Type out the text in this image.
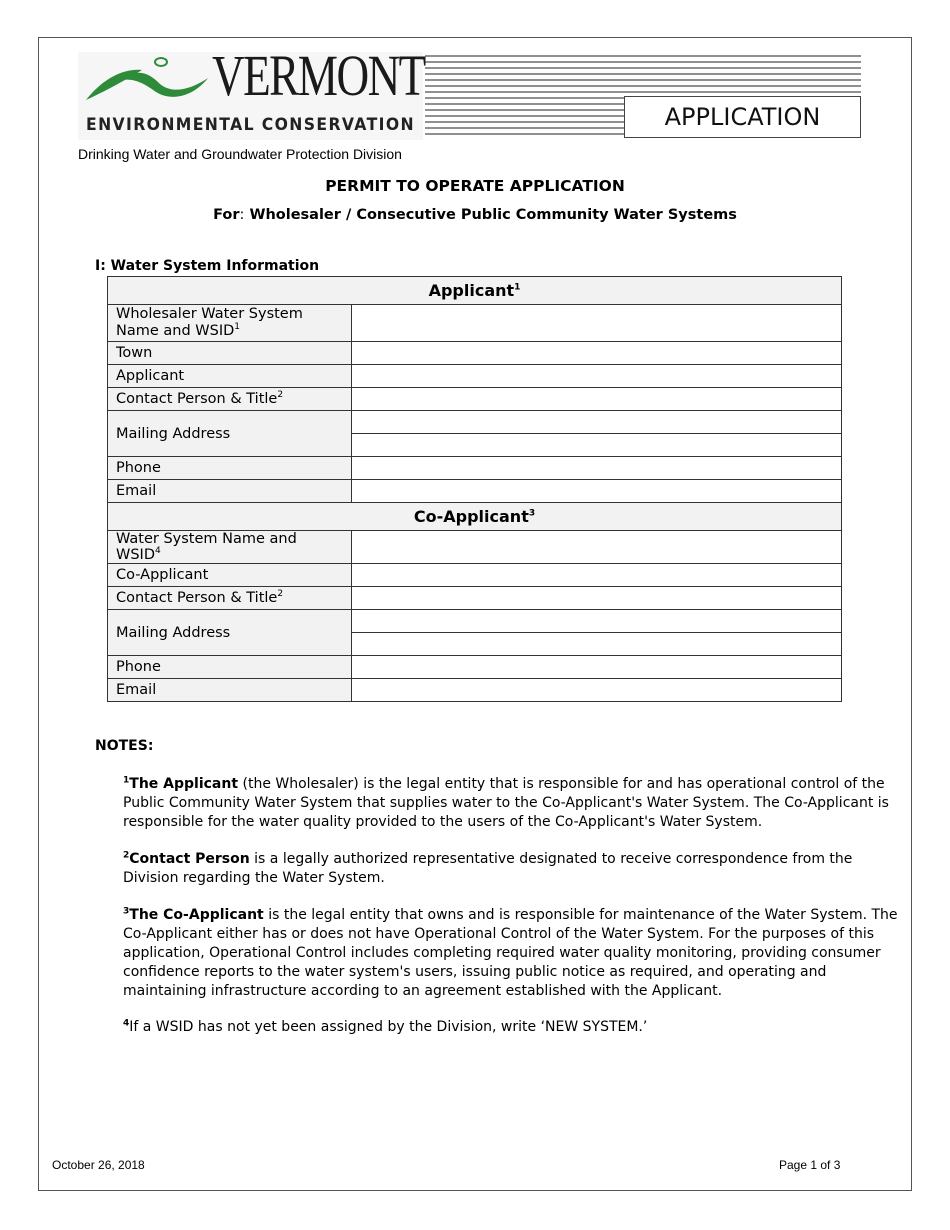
VERMONT
ENVIRONMENTAL CONSERVATION	APPLICATION
Drinking Water and Groundwater Protection Division
PERMIT TO OPERATE APPLICATION
For: Wholesaler / Consecutive Public Community Water Systems
I: Water System Information
Applicant$^1$
Wholesaler Water System Name and WSID$^1$	
Town	
Applicant	
Contact Person & Title$^2$	
Mailing Address	

Phone	
Email	
Co-Applicant$^3$
Water System Name and WSID$^4$	
Co-Applicant	
Contact Person & Title$^2$	
Mailing Address	

Phone	
Email	
NOTES:
$^1$The Applicant (the Wholesaler) is the legal entity that is responsible for and has operational control of the Public Community Water System that supplies water to the Co-Applicant's Water System. The Co-Applicant is responsible for the water quality provided to the users of the Co-Applicant's Water System.
$^2$Contact Person is a legally authorized representative designated to receive correspondence from the Division regarding the Water System.
$^3$The Co-Applicant is the legal entity that owns and is responsible for maintenance of the Water System. The Co-Applicant either has or does not have Operational Control of the Water System. For the purposes of this application, Operational Control includes completing required water quality monitoring, providing consumer confidence reports to the water system's users, issuing public notice as required, and operating and maintaining infrastructure according to an agreement established with the Applicant.
$^4$If a WSID has not yet been assigned by the Division, write ‘NEW SYSTEM.’
October 26, 2018	Page 1 of 3
